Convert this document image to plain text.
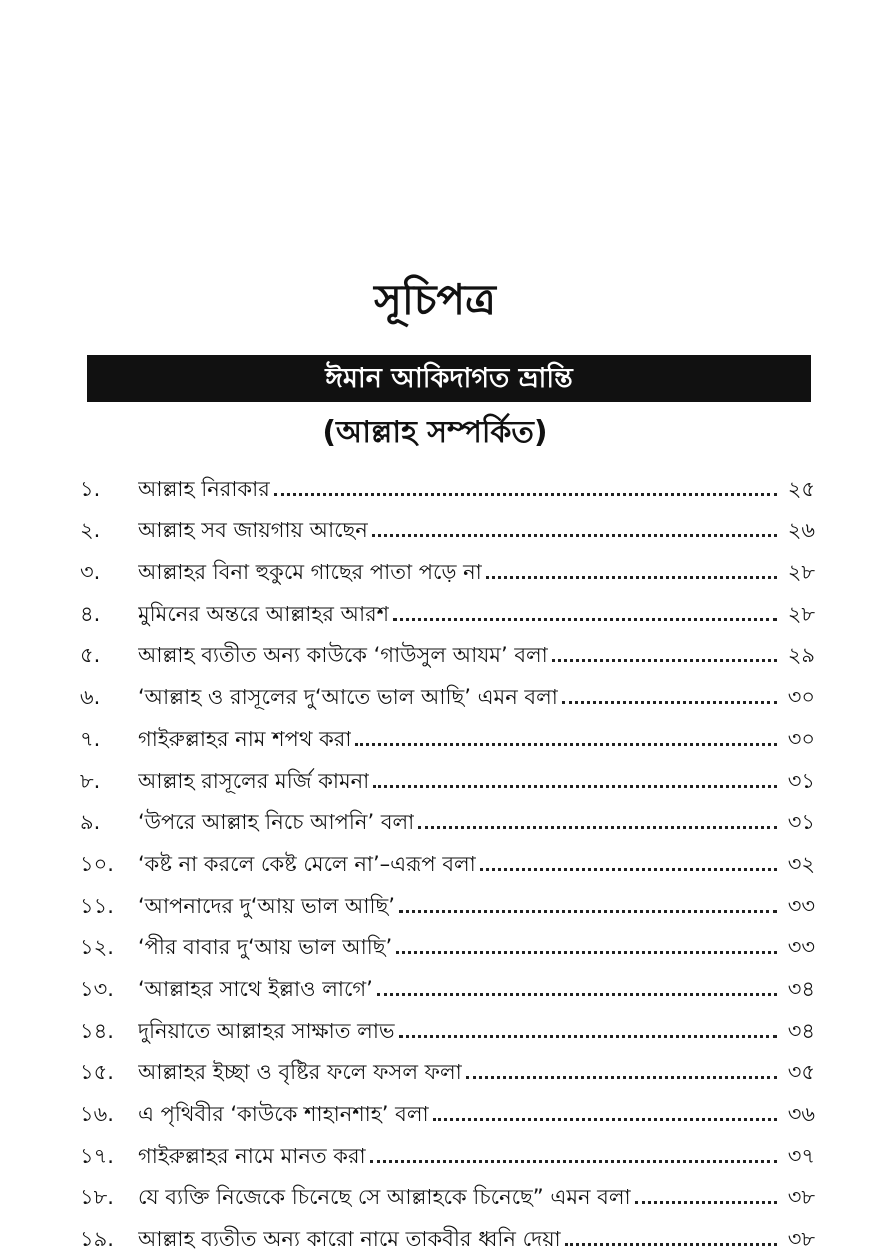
সূচিপত্র
ঈমান আকিদাগত ভ্রান্তি
(আল্লাহ সম্পর্কিত)
১.	আল্লাহ নিরাকার	২৫
২.	আল্লাহ সব জায়গায় আছেন	২৬
৩.	আল্লাহর বিনা হুকুমে গাছের পাতা পড়ে না	২৮
৪.	মুমিনের অন্তরে আল্লাহর আরশ	২৮
৫.	আল্লাহ ব্যতীত অন্য কাউকে ‘গাউসুল আযম’ বলা	২৯
৬.	‘আল্লাহ ও রাসূলের দু‘আতে ভাল আছি’ এমন বলা	৩০
৭.	গাইরুল্লাহর নাম শপথ করা	৩০
৮.	আল্লাহ রাসূলের মর্জি কামনা	৩১
৯.	‘উপরে আল্লাহ নিচে আপনি’ বলা	৩১
১০.	‘কষ্ট না করলে কেষ্ট মেলে না’–এরূপ বলা	৩২
১১.	‘আপনাদের দু‘আয় ভাল আছি’	৩৩
১২.	‘পীর বাবার দু‘আয় ভাল আছি’	৩৩
১৩.	‘আল্লাহর সাথে ইল্লাও লাগে’	৩৪
১৪.	দুনিয়াতে আল্লাহর সাক্ষাত লাভ	৩৪
১৫.	আল্লাহর ইচ্ছা ও বৃষ্টির ফলে ফসল ফলা	৩৫
১৬.	এ পৃথিবীর ‘কাউকে শাহানশাহ’ বলা	৩৬
১৭.	গাইরুল্লাহর নামে মানত করা	৩৭
১৮.	যে ব্যক্তি নিজেকে চিনেছে সে আল্লাহকে চিনেছে” এমন বলা	৩৮
১৯.	আল্লাহ ব্যতীত অন্য কারো নামে তাকবীর ধ্বনি দেয়া	৩৮
